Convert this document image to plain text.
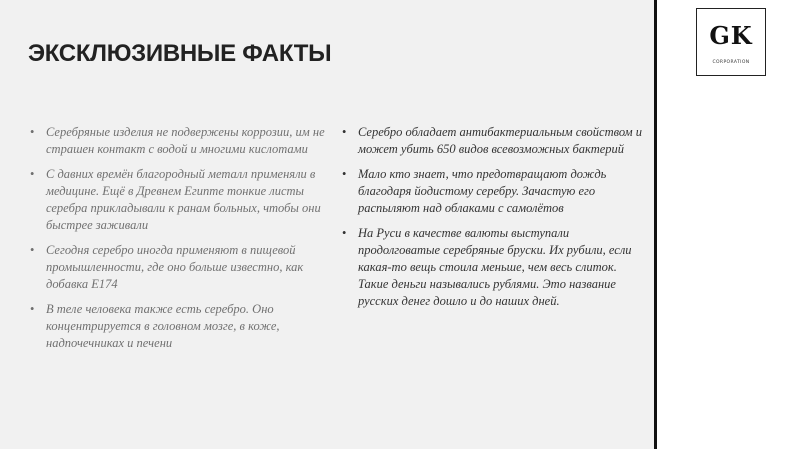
ЭКСКЛЮЗИВНЫЕ ФАКТЫ
• Серебряные изделия не подвержены коррозии, им не страшен контакт с водой и многими кислотами
• С давних времён благородный металл применяли в медицине. Ещё в Древнем Египте тонкие листы серебра прикладывали к ранам больных, чтобы они быстрее заживали
• Сегодня серебро иногда применяют в пищевой промышленности, где оно больше известно, как добавка Е174
• В теле человека также есть серебро. Оно концентрируется в головном мозге, в коже, надпочечниках и печени
• Серебро обладает антибактериальным свойством и может убить 650 видов всевозможных бактерий
• Мало кто знает, что предотвращают дождь благодаря йодистому серебру. Зачастую его распыляют над облаками с самолётов
• На Руси в качестве валюты выступали продолговатые серебряные бруски. Их рубили, если какая-то вещь стоила меньше, чем весь слиток. Такие деньги назывались рублями. Это название русских денег дошло и до наших дней.
GK
CORPORATION
